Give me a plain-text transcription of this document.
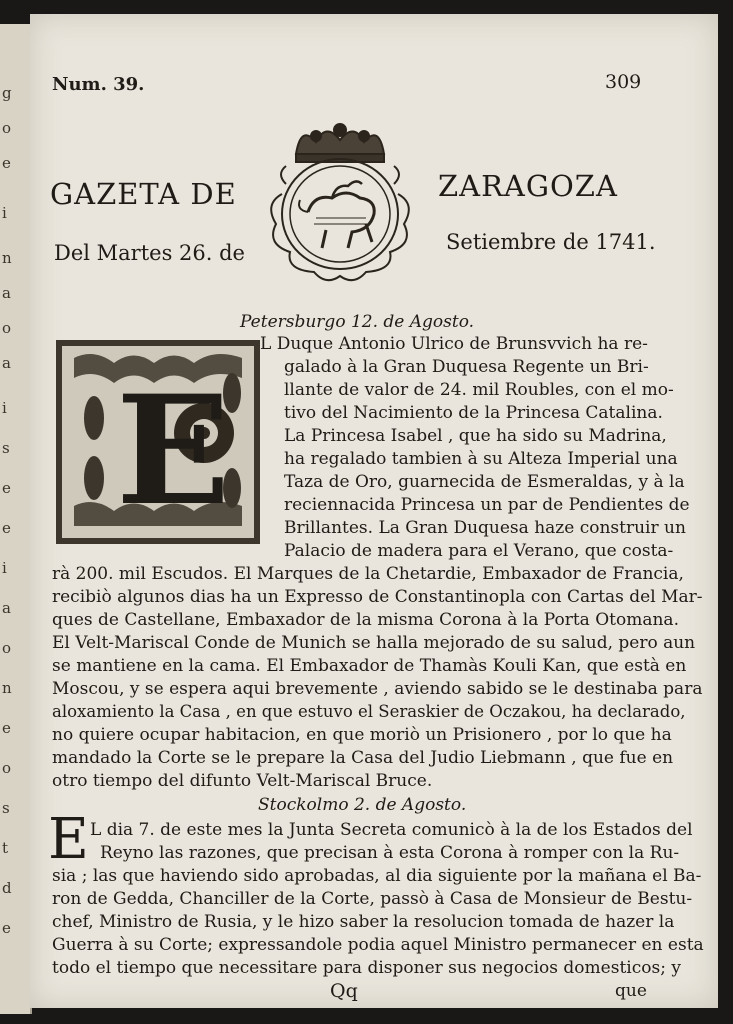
g
o
e
i
n
a
o
a
i
s
e
e
i
a
o
n
e
o
s
t
d
e
Num. 39.	309
GAZETA DE	ZARAGOZA
Del Martes 26. de	Setiembre de 1741.
Petersburgo 12. de Agosto.
E
L Duque Antonio Ulrico de Brunsvvich ha re-
galado à la Gran Duquesa Regente un Bri-
llante de valor de 24. mil Roubles, con el mo-
tivo del Nacimiento de la Princesa Catalina.
La Princesa Isabel , que ha sido su Madrina,
ha regalado tambien à su Alteza Imperial una
Taza de Oro, guarnecida de Esmeraldas, y à la
reciennacida Princesa un par de Pendientes de
Brillantes. La Gran Duquesa haze construir un
Palacio de madera para el Verano, que costa-
rà 200. mil Escudos. El Marques de la Chetardie, Embaxador de Francia,
recibiò algunos dias ha un Expresso de Constantinopla con Cartas del Mar-
ques de Castellane, Embaxador de la misma Corona à la Porta Otomana.
El Velt-Mariscal Conde de Munich se halla mejorado de su salud, pero aun
se mantiene en la cama. El Embaxador de Thamàs Kouli Kan, que està en
Moscou, y se espera aqui brevemente , aviendo sabido se le destinaba para
aloxamiento la Casa , en que estuvo el Seraskier de Oczakou, ha declarado,
no quiere ocupar habitacion, en que moriò un Prisionero , por lo que ha
mandado la Corte se le prepare la Casa del Judio Liebmann , que fue en
otro tiempo del difunto Velt-Mariscal Bruce.
Stockolmo 2. de Agosto.
E L dia 7. de este mes la Junta Secreta comunicò à la de los Estados del
Reyno las razones, que precisan à esta Corona à romper con la Ru-
sia ; las que haviendo sido aprobadas, al dia siguiente por la mañana el Ba-
ron de Gedda, Chanciller de la Corte, passò à Casa de Monsieur de Bestu-
chef, Ministro de Rusia, y le hizo saber la resolucion tomada de hazer la
Guerra à su Corte; expressandole podia aquel Ministro permanecer en esta
todo el tiempo que necessitare para disponer sus negocios domesticos; y
Qq	que
